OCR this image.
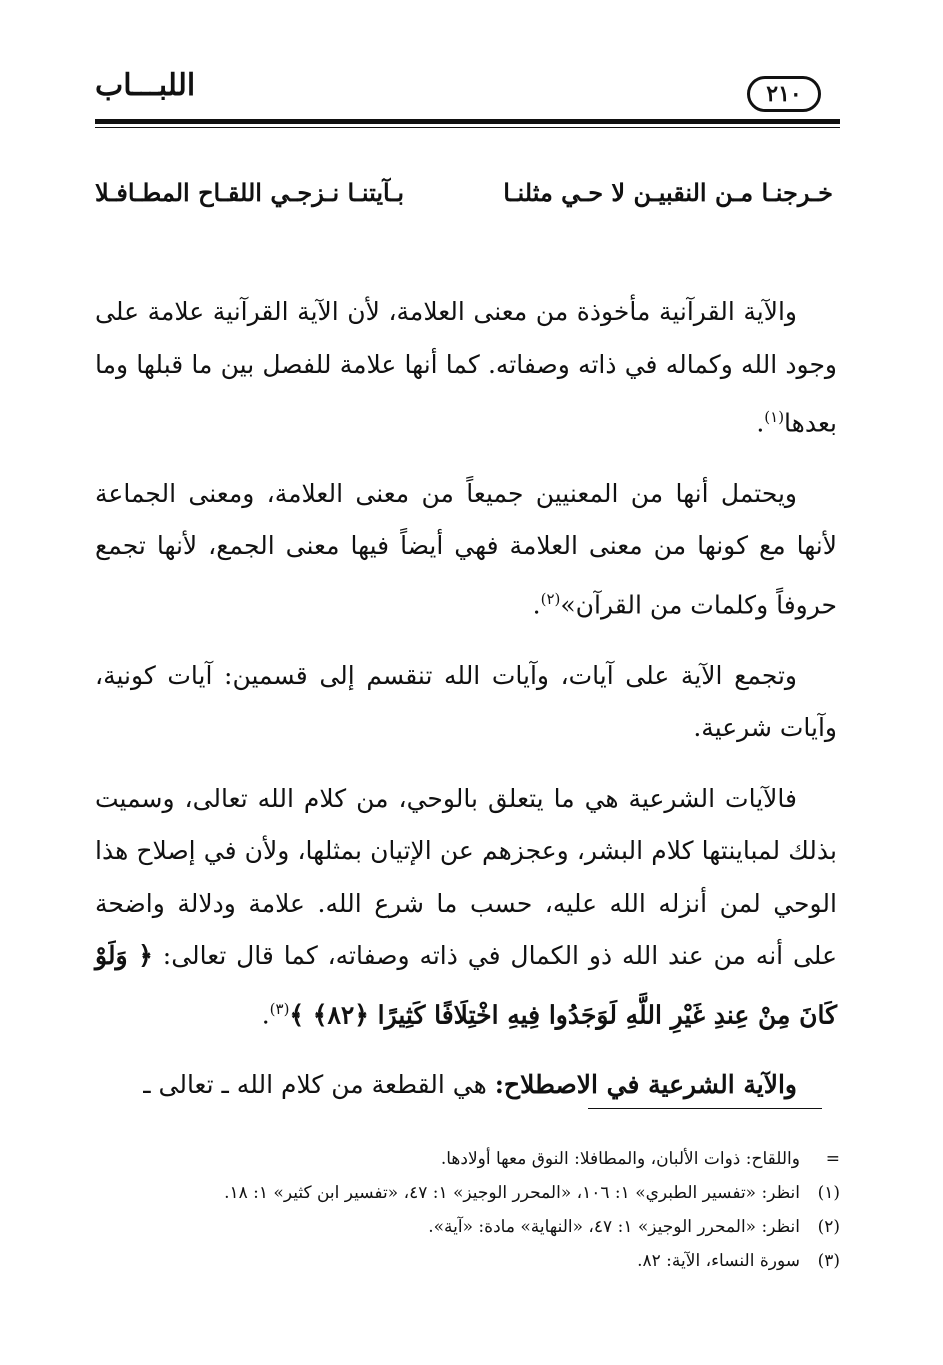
اللبـــاب	٢١٠
خـرجنـا مـن النقبيـن لا حـي مثلنـا
بـآيتنـا نـزجـي اللقـاح المطـافـلا

والآية القرآنية مأخوذة من معنى العلامة، لأن الآية القرآنية علامة على وجود الله وكماله في ذاته وصفاته. كما أنها علامة للفصل بين ما قبلها وما بعدها$^{(١)}$.

ويحتمل أنها من المعنيين جميعاً من معنى العلامة، ومعنى الجماعة لأنها مع كونها من معنى العلامة فهي أيضاً فيها معنى الجمع، لأنها تجمع حروفاً وكلمات من القرآن»$^{(٢)}$.

وتجمع الآية على آيات، وآيات الله تنقسم إلى قسمين: آيات كونية، وآيات شرعية.

فالآيات الشرعية هي ما يتعلق بالوحي، من كلام الله تعالى، وسميت بذلك لمباينتها كلام البشر، وعجزهم عن الإتيان بمثلها، ولأن في إصلاح هذا الوحي لمن أنزله الله عليه، حسب ما شرع الله. علامة ودلالة واضحة على أنه من عند الله ذو الكمال في ذاته وصفاته، كما قال تعالى: ﴿ وَلَوْ كَانَ مِنْ عِندِ غَيْرِ اللَّهِ لَوَجَدُوا فِيهِ اخْتِلَافًا كَثِيرًا ﴿٨٢﴾ ﴾$^{(٣)}$.

والآية الشرعية في الاصطلاح: هي القطعة من كلام الله ـ تعالى ـ

=
واللقاح: ذوات الألبان، والمطافلا: النوق معها أولادها.
(١)
انظر: «تفسير الطبري» ١: ١٠٦، «المحرر الوجيز» ١: ٤٧، «تفسير ابن كثير» ١: ١٨.
(٢)
انظر: «المحرر الوجيز» ١: ٤٧، «النهاية» مادة: «آية».
(٣)
سورة النساء، الآية: ٨٢.
